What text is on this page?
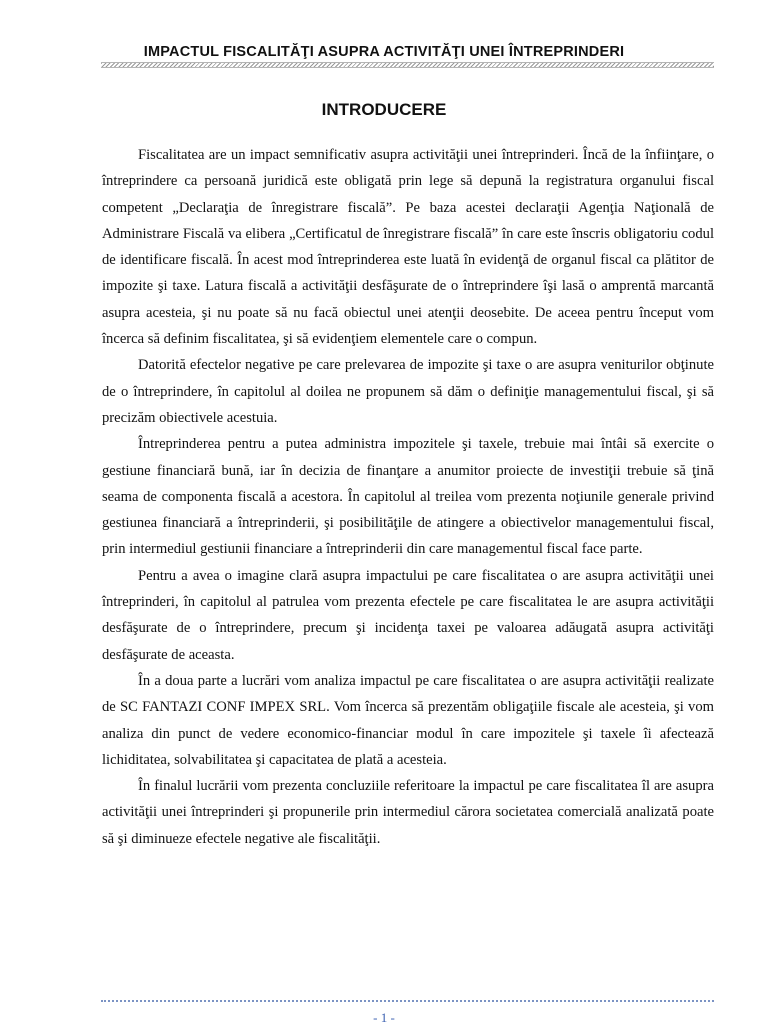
IMPACTUL FISCALITĂŢI ASUPRA ACTIVITĂŢI UNEI ÎNTREPRINDERI
INTRODUCERE

Fiscalitatea are un impact semnificativ asupra activităţii unei întreprinderi. Încă de la înfiinţare, o întreprindere ca persoană juridică este obligată prin lege să depună la registratura organului fiscal competent „Declaraţia de înregistrare fiscală”. Pe baza acestei declaraţii Agenţia Naţională de Administrare Fiscală va elibera „Certificatul de înregistrare fiscală” în care este înscris obligatoriu codul de identificare fiscală. În acest mod întreprinderea este luată în evidenţă de organul fiscal ca plătitor de impozite şi taxe. Latura fiscală a activităţii desfăşurate de o întreprindere îşi lasă o amprentă marcantă asupra acesteia, şi nu poate să nu facă obiectul unei atenţii deosebite. De aceea pentru început vom încerca să definim fiscalitatea, şi să evidenţiem elementele care o compun.

Datorită efectelor negative pe care prelevarea de impozite şi taxe o are asupra veniturilor obţinute de o întreprindere, în capitolul al doilea ne propunem să dăm o definiţie managementului fiscal, şi să precizăm obiectivele acestuia.

Întreprinderea pentru a putea administra impozitele şi taxele, trebuie mai întâi să exercite o gestiune financiară bună, iar în decizia de finanţare a anumitor proiecte de investiţii trebuie să ţină seama de componenta fiscală a acestora. În capitolul al treilea vom prezenta noţiunile generale privind gestiunea financiară a întreprinderii, şi posibilităţile de atingere a obiectivelor managementului fiscal, prin intermediul gestiunii financiare a întreprinderii din care managementul fiscal face parte.

Pentru a avea o imagine clară asupra impactului pe care fiscalitatea o are asupra activităţii unei întreprinderi, în capitolul al patrulea vom prezenta efectele pe care fiscalitatea le are asupra activităţii desfăşurate de o întreprindere, precum şi incidenţa taxei pe valoarea adăugată asupra activităţi desfăşurate de aceasta.

În a doua parte a lucrări vom analiza impactul pe care fiscalitatea o are asupra activităţii realizate de SC FANTAZI CONF IMPEX SRL. Vom încerca să prezentăm obligaţiile fiscale ale acesteia, şi vom analiza din punct de vedere economico-financiar modul în care impozitele şi taxele îi afectează lichiditatea, solvabilitatea şi capacitatea de plată a acesteia.

În finalul lucrării vom prezenta concluziile referitoare la impactul pe care fiscalitatea îl are asupra activităţii unei întreprinderi şi propunerile prin intermediul cărora societatea comercială analizată poate să şi diminueze efectele negative ale fiscalităţii.

- 1 -
